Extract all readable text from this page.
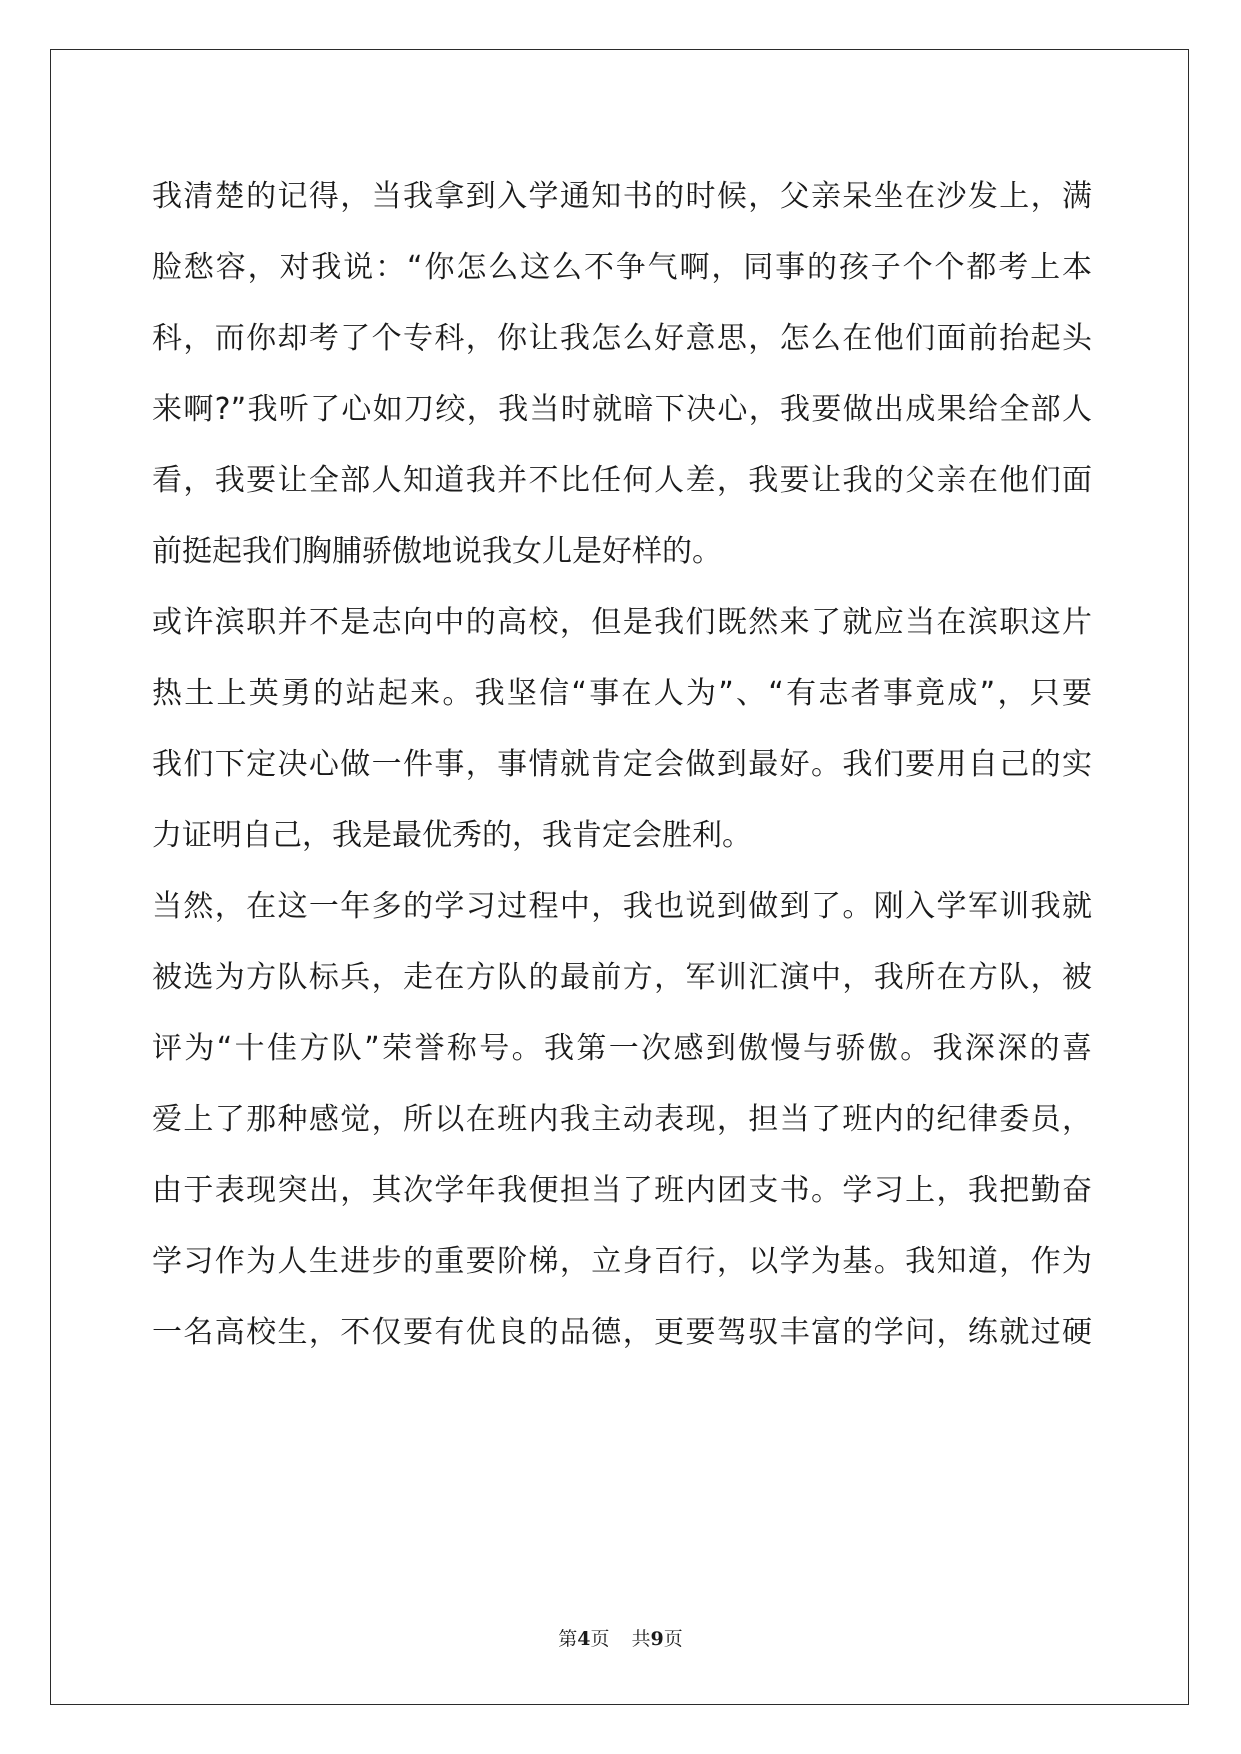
我清楚的记得，当我拿到入学通知书的时候，父亲呆坐在沙发上，满
脸愁容，对我说：“你怎么这么不争气啊，同事的孩子个个都考上本
科，而你却考了个专科，你让我怎么好意思，怎么在他们面前抬起头
来啊?”我听了心如刀绞，我当时就暗下决心，我要做出成果给全部人
看，我要让全部人知道我并不比任何人差，我要让我的父亲在他们面
前挺起我们胸脯骄傲地说我女儿是好样的。
或许滨职并不是志向中的高校，但是我们既然来了就应当在滨职这片
热土上英勇的站起来。我坚信“事在人为”、“有志者事竟成”，只要
我们下定决心做一件事，事情就肯定会做到最好。我们要用自己的实
力证明自己，我是最优秀的，我肯定会胜利。
当然，在这一年多的学习过程中，我也说到做到了。刚入学军训我就
被选为方队标兵，走在方队的最前方，军训汇演中，我所在方队，被
评为“十佳方队”荣誉称号。我第一次感到傲慢与骄傲。我深深的喜
爱上了那种感觉，所以在班内我主动表现，担当了班内的纪律委员，
由于表现突出，其次学年我便担当了班内团支书。学习上，我把勤奋
学习作为人生进步的重要阶梯，立身百行，以学为基。我知道，作为
一名高校生，不仅要有优良的品德，更要驾驭丰富的学问，练就过硬
第4页 共9页
